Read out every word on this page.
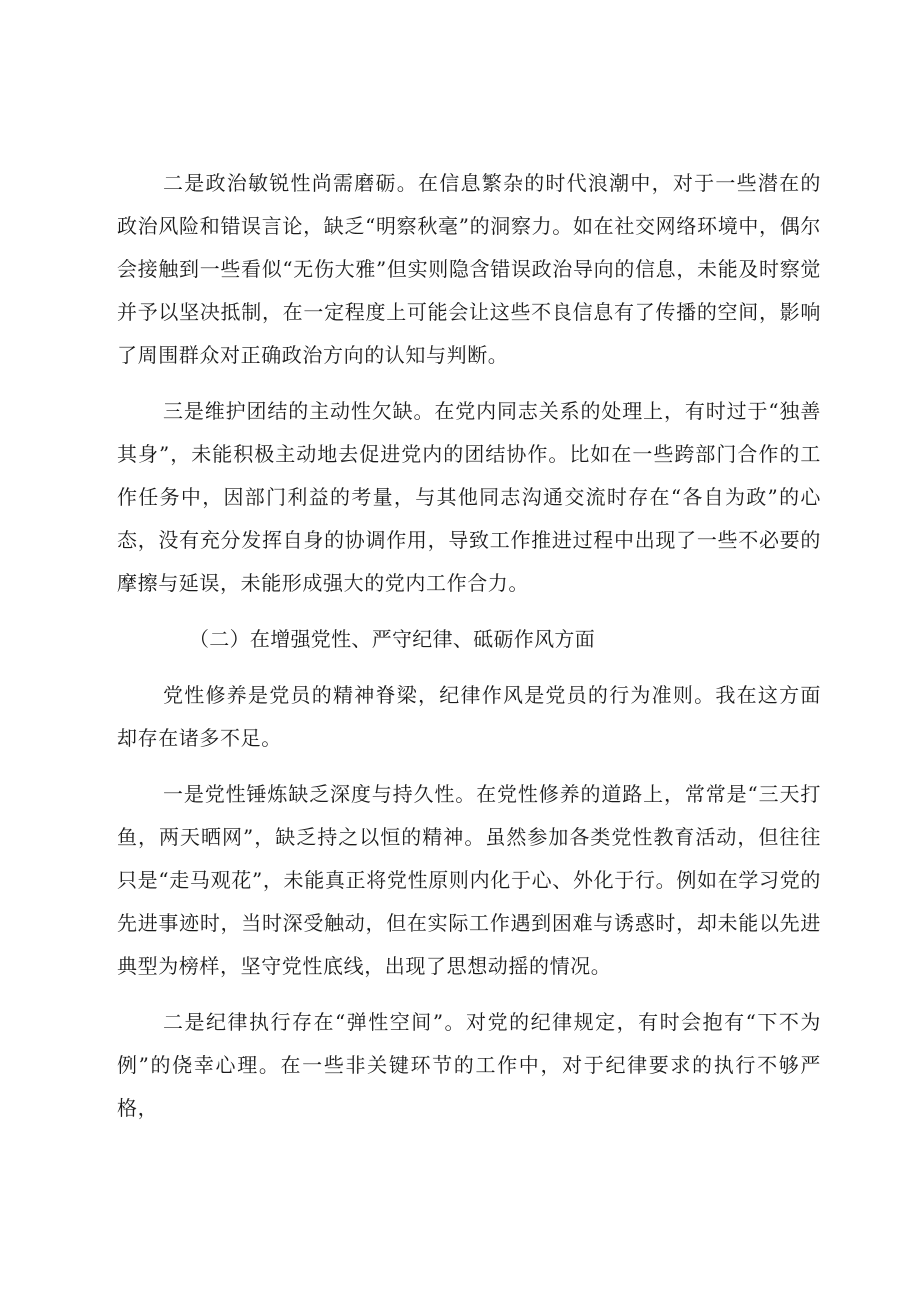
二是政治敏锐性尚需磨砺。在信息繁杂的时代浪潮中，对于一些潜在的政治风险和错误言论，缺乏“明察秋毫”的洞察力。如在社交网络环境中，偶尔会接触到一些看似“无伤大雅”但实则隐含错误政治导向的信息，未能及时察觉并予以坚决抵制，在一定程度上可能会让这些不良信息有了传播的空间，影响了周围群众对正确政治方向的认知与判断。

三是维护团结的主动性欠缺。在党内同志关系的处理上，有时过于“独善其身”，未能积极主动地去促进党内的团结协作。比如在一些跨部门合作的工作任务中，因部门利益的考量，与其他同志沟通交流时存在“各自为政”的心态，没有充分发挥自身的协调作用，导致工作推进过程中出现了一些不必要的摩擦与延误，未能形成强大的党内工作合力。

（二）在增强党性、严守纪律、砥砺作风方面

党性修养是党员的精神脊梁，纪律作风是党员的行为准则。我在这方面却存在诸多不足。

一是党性锤炼缺乏深度与持久性。在党性修养的道路上，常常是“三天打鱼，两天晒网”，缺乏持之以恒的精神。虽然参加各类党性教育活动，但往往只是“走马观花”，未能真正将党性原则内化于心、外化于行。例如在学习党的先进事迹时，当时深受触动，但在实际工作遇到困难与诱惑时，却未能以先进典型为榜样，坚守党性底线，出现了思想动摇的情况。

二是纪律执行存在“弹性空间”。对党的纪律规定，有时会抱有“下不为例”的侥幸心理。在一些非关键环节的工作中，对于纪律要求的执行不够严格，
